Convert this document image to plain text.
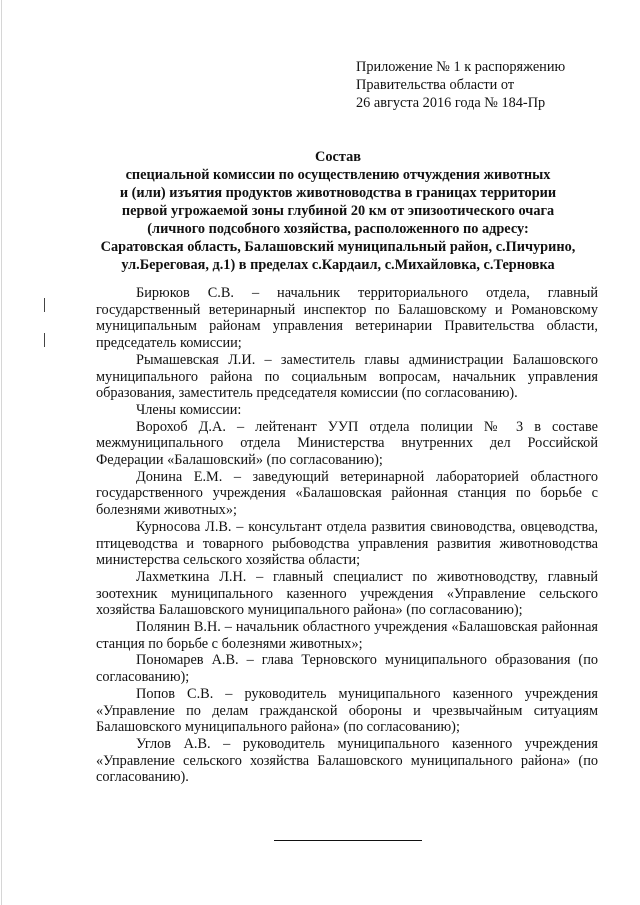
Приложение № 1 к распоряжению
Правительства области от
26 августа 2016 года № 184-Пр
Состав
специальной комиссии по осуществлению отчуждения животных
и (или) изъятия продуктов животноводства в границах территории
первой угрожаемой зоны глубиной 20 км от эпизоотического очага
(личного подсобного хозяйства, расположенного по адресу:
Саратовская область, Балашовский муниципальный район, с.Пичурино,
ул.Береговая, д.1) в пределах с.Кардаил, с.Михайловка, с.Терновка

Бирюков С.В. – начальник территориального отдела, главный государственный ветеринарный инспектор по Балашовскому и Романовскому муниципальным районам управления ветеринарии Правительства области, председатель комиссии;

Рымашевская Л.И. – заместитель главы администрации Балашовского муниципального района по социальным вопросам, начальник управления образования, заместитель председателя комиссии (по согласованию).

Члены комиссии:

Ворохоб Д.А. – лейтенант УУП отдела полиции № 3 в составе межмуниципального отдела Министерства внутренних дел Российской Федерации «Балашовский» (по согласованию);

Донина Е.М. – заведующий ветеринарной лабораторией областного государственного учреждения «Балашовская районная станция по борьбе с болезнями животных»;

Курносова Л.В. – консультант отдела развития свиноводства, овцеводства, птицеводства и товарного рыбоводства управления развития животноводства министерства сельского хозяйства области;

Лахметкина Л.Н. – главный специалист по животноводству, главный зоотехник муниципального казенного учреждения «Управление сельского хозяйства Балашовского муниципального района» (по согласованию);

Полянин В.Н. – начальник областного учреждения «Балашовская районная станция по борьбе с болезнями животных»;

Пономарев А.В. – глава Терновского муниципального образования (по согласованию);

Попов С.В. – руководитель муниципального казенного учреждения «Управление по делам гражданской обороны и чрезвычайным ситуациям Балашовского муниципального района» (по согласованию);

Углов А.В. – руководитель муниципального казенного учреждения «Управление сельского хозяйства Балашовского муниципального района» (по согласованию).
